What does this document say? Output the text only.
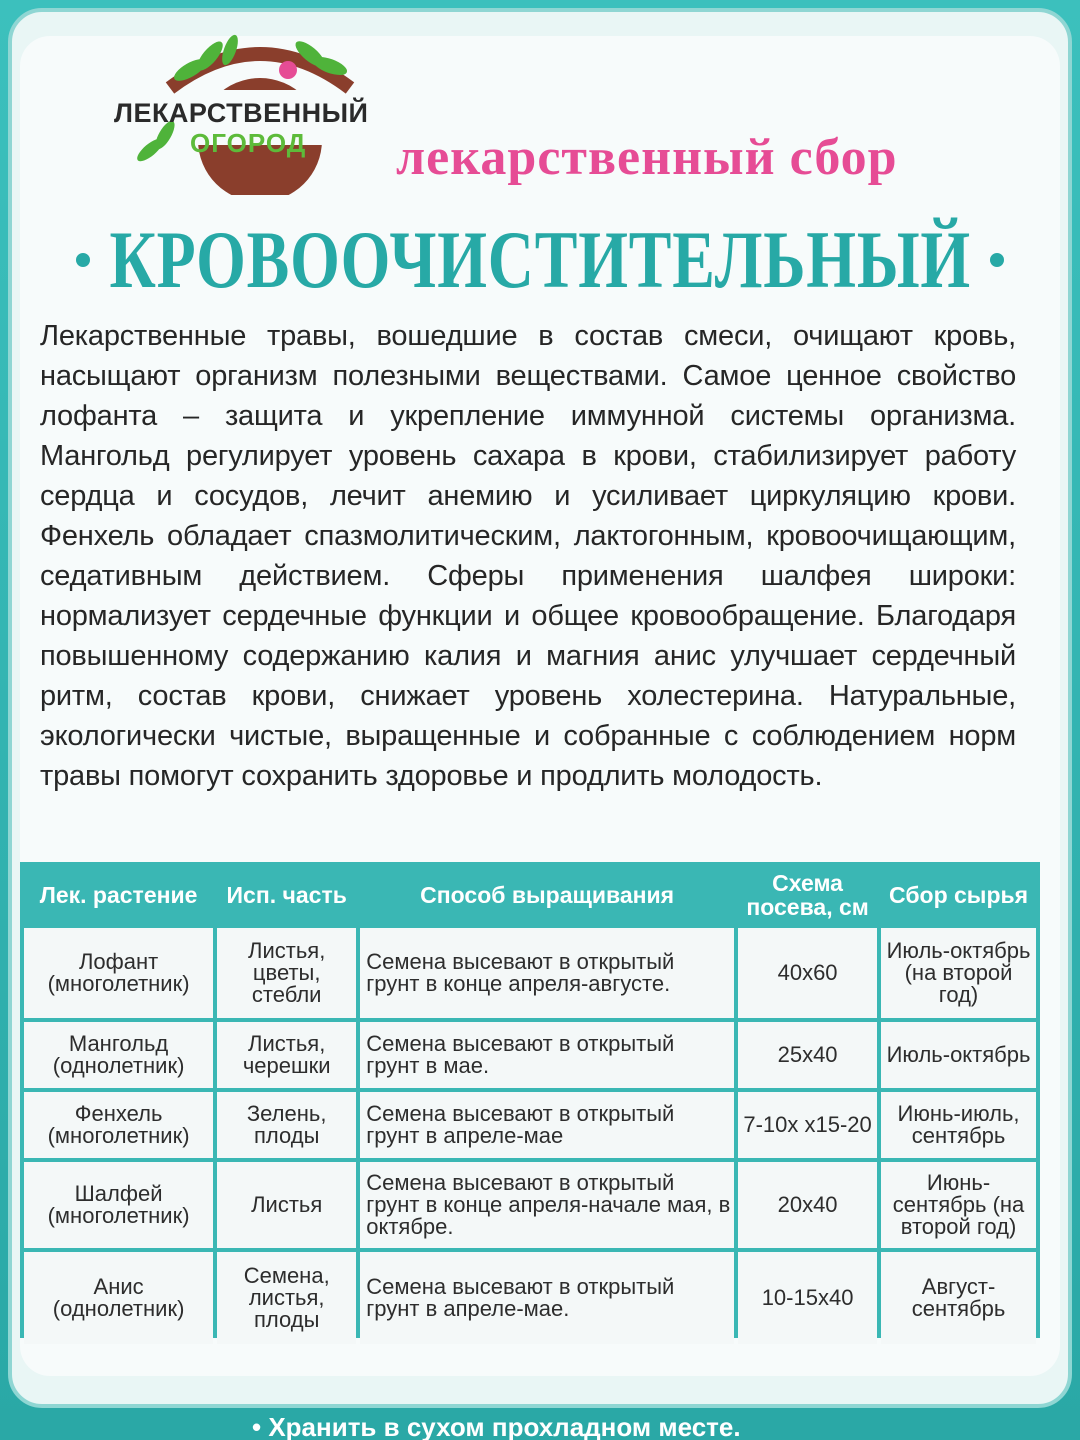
ЛЕКАРСТВЕННЫЙ
ОГОРОД	лекарственный сбор
КРОВООЧИСТИТЕЛЬНЫЙ
Лекарственные травы, вошедшие в состав смеси, очищают кровь, насыщают организм полезными веществами. Самое ценное свойство лофанта – защита и укрепление иммунной системы организма. Мангольд регулирует уровень сахара в крови, стабилизирует работу сердца и сосудов, лечит анемию и усиливает циркуляцию крови. Фенхель обладает спазмолитическим, лактогонным, кровоочищающим, седативным действием. Сферы применения шалфея широки: нормализует сердечные функции и общее кровообращение. Благодаря повышенному содержанию калия и магния анис улучшает сердечный ритм, состав крови, снижает уровень холестерина. Натуральные, экологически чистые, выращенные и собранные с соблюдением норм травы помогут сохранить здоровье и продлить молодость.
Лек. растение	Исп. часть	Способ выращивания	Схема посева, см	Сбор сырья
Лофант (многолетник)	Листья, цветы, стебли	Семена высевают в открытый грунт в конце апреля-августе.	40х60	Июль-октябрь (на второй год)
Мангольд (однолетник)	Листья, черешки	Семена высевают в открытый грунт в мае.	25х40	Июль-октябрь
Фенхель (многолетник)	Зелень, плоды	Семена высевают в открытый грунт в апреле-мае	7-10х х15-20	Июнь-июль, сентябрь
Шалфей (многолетник)	Листья	Семена высевают в открытый грунт в конце апреля-начале мая, в октябре.	20х40	Июнь-сентябрь (на второй год)
Анис (однолетник)	Семена, листья, плоды	Семена высевают в открытый грунт в апреле-мае.	10-15х40	Август-сентябрь
• Хранить в сухом прохладном месте.
